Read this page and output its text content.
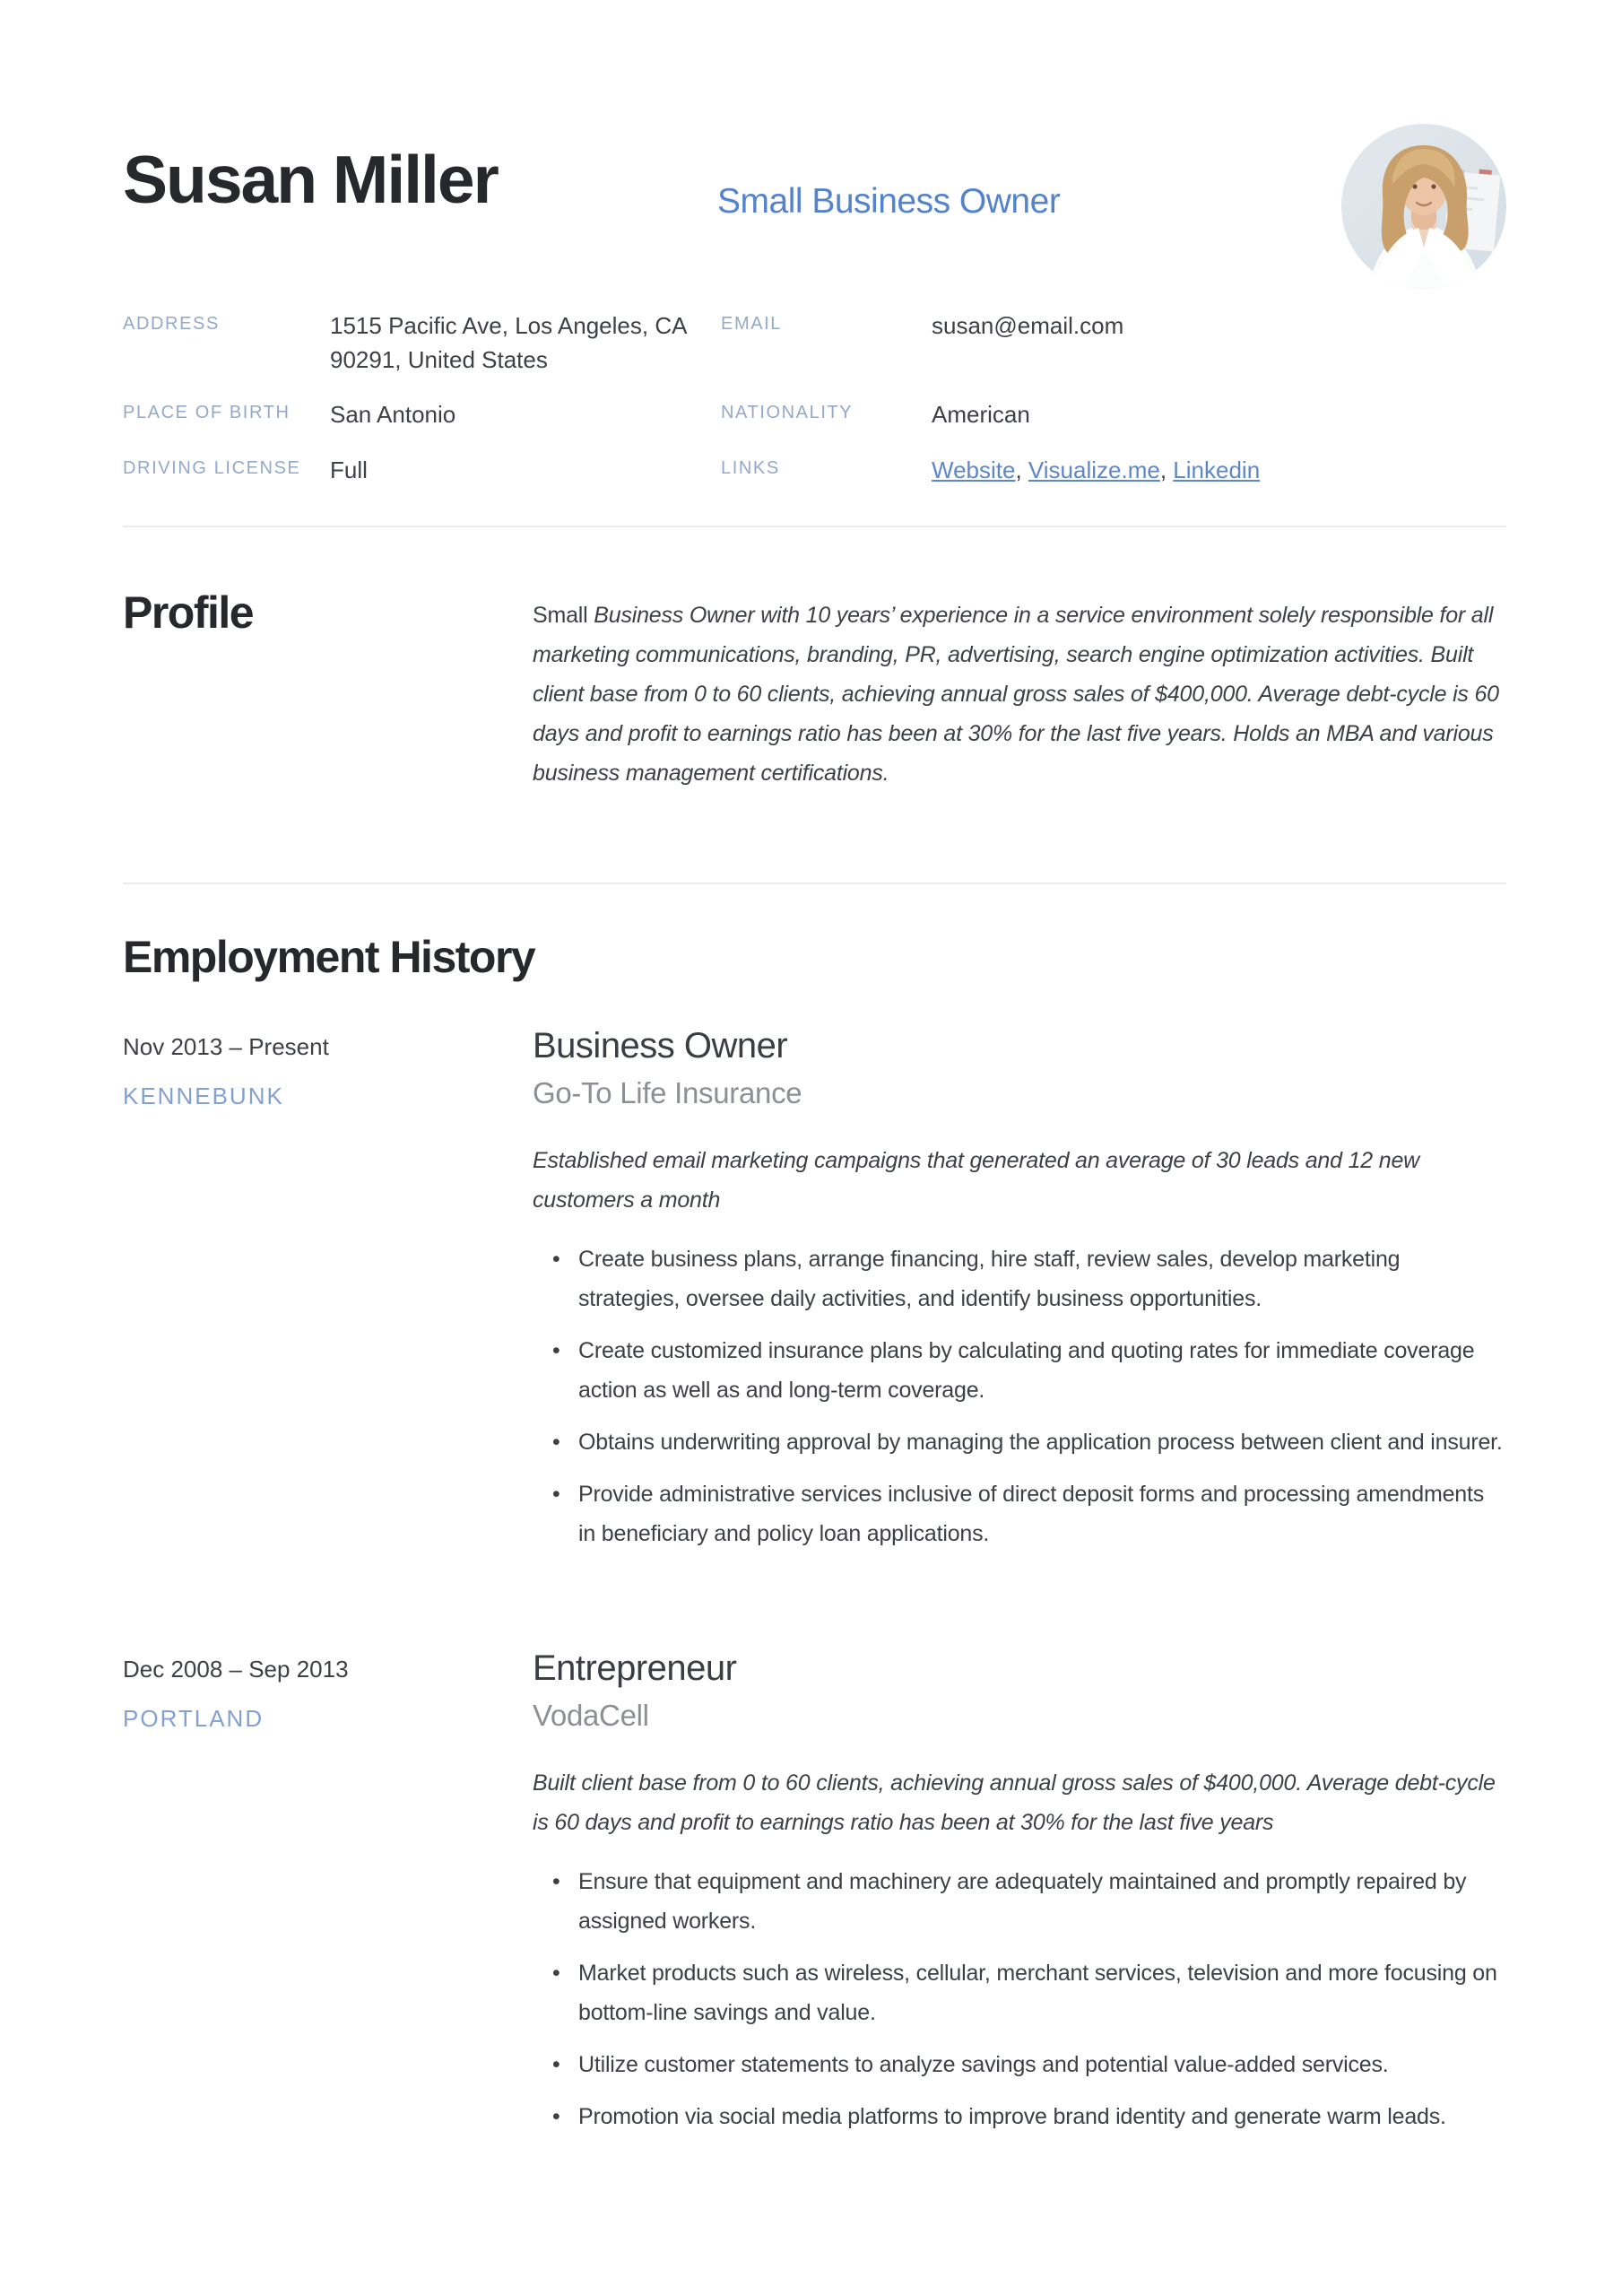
Susan Miller	Small Business Owner
ADDRESS	1515 Pacific Ave, Los Angeles, CA 90291, United States
EMAIL	susan@email.com
PLACE OF BIRTH	San Antonio	NATIONALITY	American
DRIVING LICENSE	Full	LINKS	Website, Visualize.me, Linkedin
Profile	Small Business Owner with 10 years’ experience in a service environment solely responsible for all marketing communications, branding, PR, advertising, search engine optimization activities. Built client base from 0 to 60 clients, achieving annual gross sales of $400,000. Average debt-cycle is 60 days and profit to earnings ratio has been at 30% for the last five years. Holds an MBA and various business management certifications.

Employment History
Nov 2013 – Present
KENNEBUNK
Business Owner
Go-To Life Insurance

Established email marketing campaigns that generated an average of 30 leads and 12 new customers a month

• Create business plans, arrange financing, hire staff, review sales, develop marketing strategies, oversee daily activities, and identify business opportunities.
• Create customized insurance plans by calculating and quoting rates for immediate coverage action as well as and long-term coverage.
• Obtains underwriting approval by managing the application process between client and insurer.
• Provide administrative services inclusive of direct deposit forms and processing amendments in beneficiary and policy loan applications.
Dec 2008 – Sep 2013
PORTLAND
Entrepreneur
VodaCell

Built client base from 0 to 60 clients, achieving annual gross sales of $400,000. Average debt-cycle is 60 days and profit to earnings ratio has been at 30% for the last five years

• Ensure that equipment and machinery are adequately maintained and promptly repaired by assigned workers.
• Market products such as wireless, cellular, merchant services, television and more focusing on bottom-line savings and value.
• Utilize customer statements to analyze savings and potential value-added services.
• Promotion via social media platforms to improve brand identity and generate warm leads.
